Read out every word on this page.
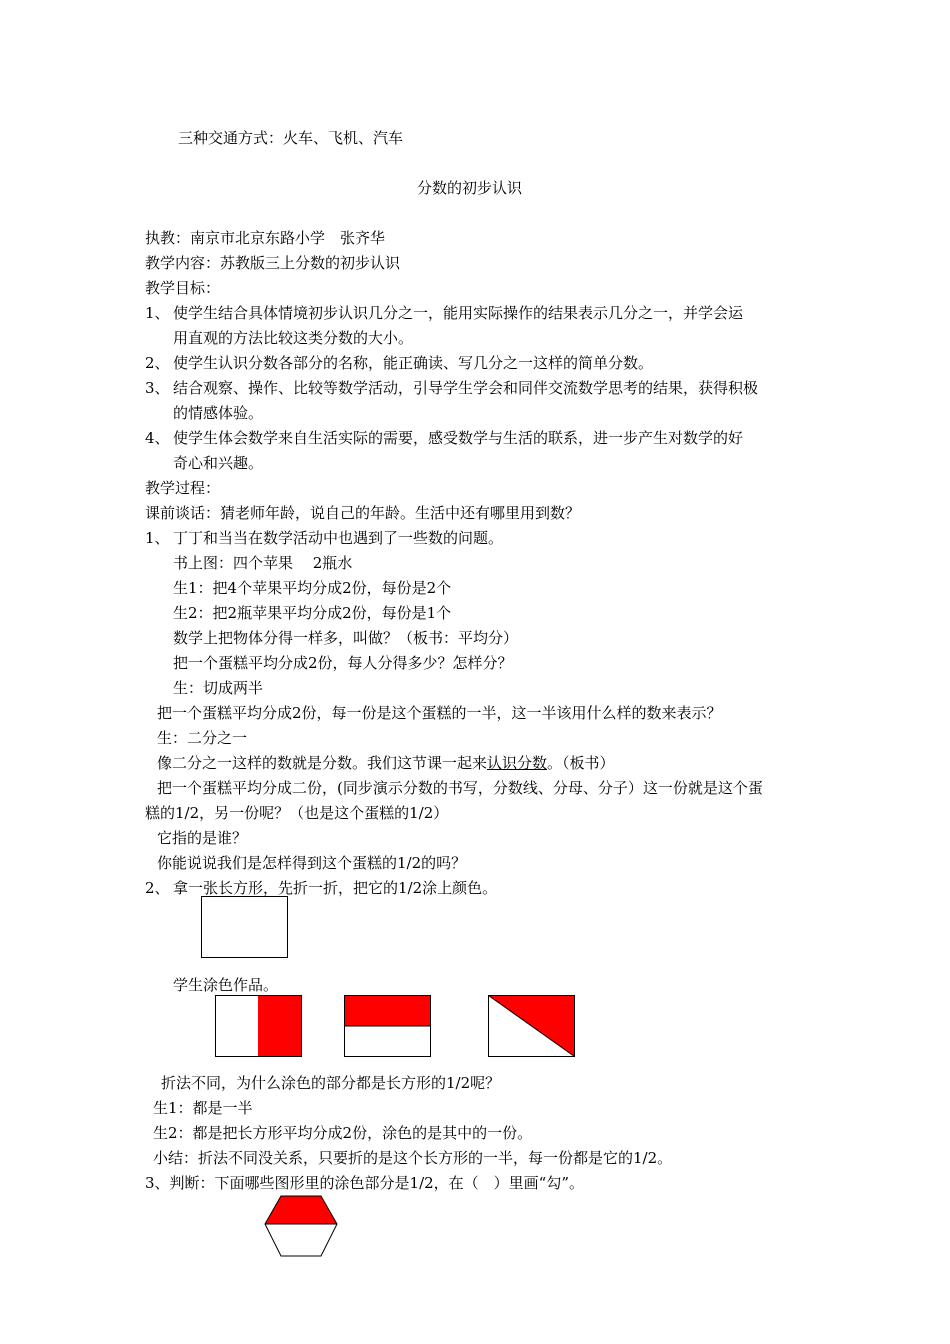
三种交通方式：火车、飞机、汽车
分数的初步认识
执教：南京市北京东路小学　张齐华
教学内容：苏教版三上分数的初步认识
教学目标：
1、 使学生结合具体情境初步认识几分之一，能用实际操作的结果表示几分之一，并学会运
用直观的方法比较这类分数的大小。
2、 使学生认识分数各部分的名称，能正确读、写几分之一这样的简单分数。
3、 结合观察、操作、比较等数学活动，引导学生学会和同伴交流数学思考的结果，获得积极
的情感体验。
4、 使学生体会数学来自生活实际的需要，感受数学与生活的联系，进一步产生对数学的好
奇心和兴趣。
教学过程：
课前谈话：猜老师年龄，说自己的年龄。生活中还有哪里用到数？
1、 丁丁和当当在数学活动中也遇到了一些数的问题。
书上图：四个苹果　 2瓶水
生1：把4个苹果平均分成2份，每份是2个
生2：把2瓶苹果平均分成2份，每份是1个
数学上把物体分得一样多，叫做？（板书：平均分）
把一个蛋糕平均分成2份，每人分得多少？怎样分？
生：切成两半
把一个蛋糕平均分成2份，每一份是这个蛋糕的一半，这一半该用什么样的数来表示？
生：二分之一
像二分之一这样的数就是分数。我们这节课一起来认识分数。（板书）
把一个蛋糕平均分成二份，(同步演示分数的书写，分数线、分母、分子）这一份就是这个蛋
糕的1/2，另一份呢？（也是这个蛋糕的1/2）
它指的是谁？
你能说说我们是怎样得到这个蛋糕的1/2的吗？
2、 拿一张长方形，先折一折，把它的1/2涂上颜色。
学生涂色作品。
折法不同，为什么涂色的部分都是长方形的1/2呢？
生1：都是一半
生2：都是把长方形平均分成2份，涂色的是其中的一份。
小结：折法不同没关系，只要折的是这个长方形的一半，每一份都是它的1/2。
3、判断：下面哪些图形里的涂色部分是1/2，在（　）里画“勾”。
